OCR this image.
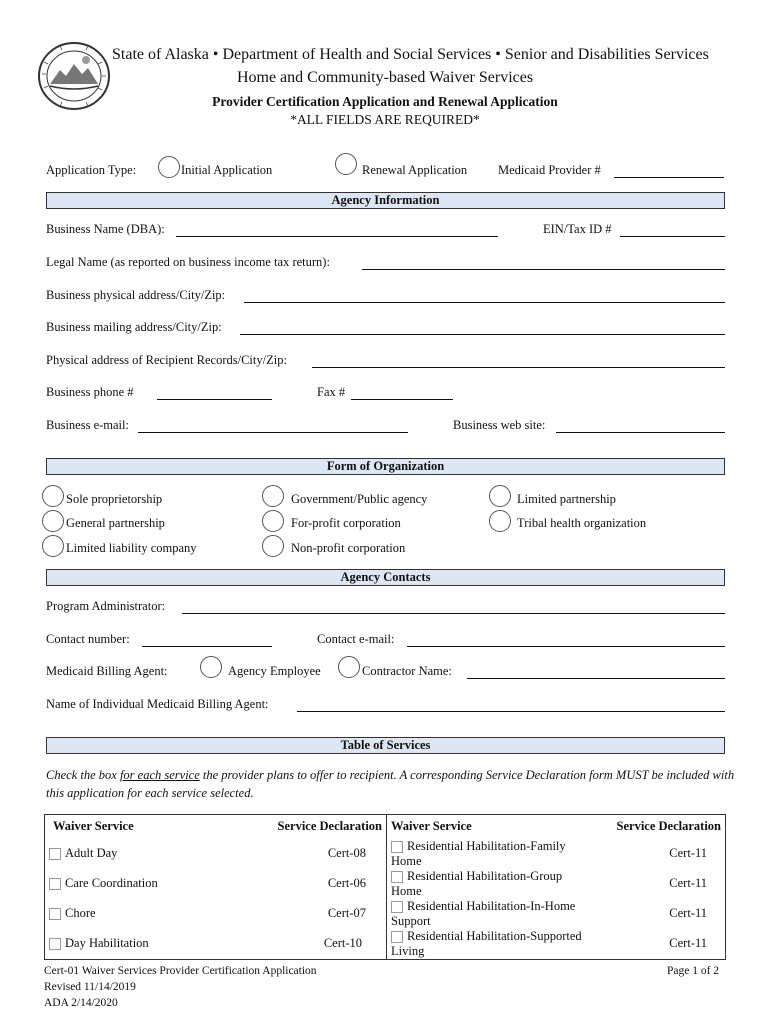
State of Alaska • Department of Health and Social Services • Senior and Disabilities Services
Home and Community-based Waiver Services
Provider Certification Application and Renewal Application
*ALL FIELDS ARE REQUIRED*
Application Type:	Initial Application	Renewal Application Medicaid Provider #
Agency Information
Business Name (DBA):	EIN/Tax ID #
Legal Name (as reported on business income tax return):
Business physical address/City/Zip:
Business mailing address/City/Zip:
Physical address of Recipient Records/City/Zip:
Business phone #	Fax #
Business e-mail:	Business web site:
Form of Organization
Sole proprietorship
General partnership
Limited liability company
Government/Public agency
For-profit corporation
Non-profit corporation
Limited partnership
Tribal health organization
Agency Contacts
Program Administrator:
Contact number:	Contact e-mail:
Medicaid Billing Agent:	Agency Employee	Contractor Name:
Name of Individual Medicaid Billing Agent:
Table of Services
Check the box for each service the provider plans to offer to recipient. A corresponding Service Declaration form MUST be included with this application for each service selected.
Waiver Service	Service Declaration	Waiver Service	Service Declaration
Adult Day	Cert-08	Residential Habilitation-Family Home	Cert-11
Care Coordination	Cert-06	Residential Habilitation-Group Home	Cert-11
Chore	Cert-07	Residential Habilitation-In-Home Support	Cert-11
Day Habilitation	Cert-10	Residential Habilitation-Supported Living	Cert-11
Cert-01 Waiver Services Provider Certification Application
Revised 11/14/2019
ADA 2/14/2020
Page 1 of 2
